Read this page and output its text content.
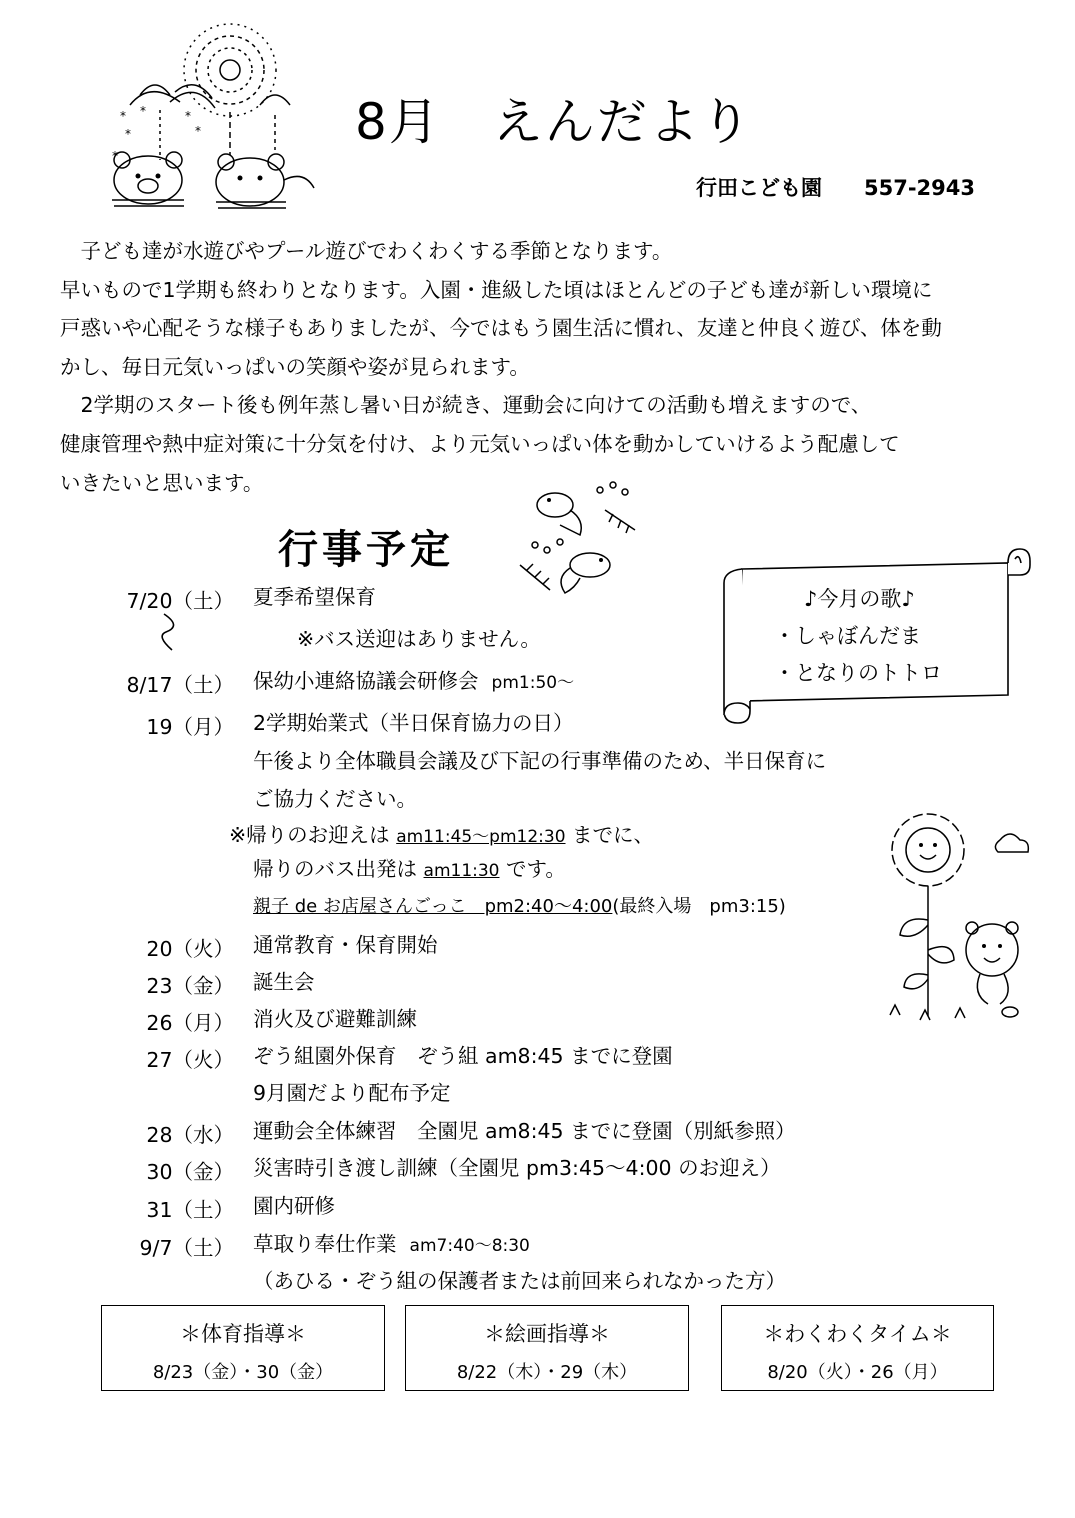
* *	*
*	*
*
8月　えんだより
行田こども園　　557-2943

　子ども達が水遊びやプール遊びでわくわくする季節となります。

早いもので1学期も終わりとなります。入園・進級した頃はほとんどの子ども達が新しい環境に

戸惑いや心配そうな様子もありましたが、今ではもう園生活に慣れ、友達と仲良く遊び、体を動

かし、毎日元気いっぱいの笑顔や姿が見られます。

　2学期のスタート後も例年蒸し暑い日が続き、運動会に向けての活動も増えますので、

健康管理や熱中症対策に十分気を付け、より元気いっぱい体を動かしていけるよう配慮して

いきたいと思います。

行事予定
7/20（土） 夏季希望保育
※バス送迎はありません。
8/17（土） 保幼小連絡協議会研修会 pm1:50～
19（月） 2学期始業式（半日保育協力の日）
午後より全体職員会議及び下記の行事準備のため、半日保育に
ご協力ください。
※帰りのお迎えは am11:45～pm12:30 までに、
帰りのバス出発は am11:30 です。
親子 de お店屋さんごっこ　pm2:40～4:00(最終入場　pm3:15)
20（火） 通常教育・保育開始
23（金） 誕生会
26（月） 消火及び避難訓練
27（火） ぞう組園外保育　ぞう組 am8:45 までに登園
9月園だより配布予定
28（水） 運動会全体練習　全園児 am8:45 までに登園（別紙参照）
30（金） 災害時引き渡し訓練（全園児 pm3:45～4:00 のお迎え）
31（土） 園内研修
9/7（土） 草取り奉仕作業 am7:40～8:30
（あひる・ぞう組の保護者または前回来られなかった方）
♪今月の歌♪
・しゃぼんだま
・となりのトトロ
＊体育指導＊
8/23（金）・30（金）
＊絵画指導＊
8/22（木）・29（木）
＊わくわくタイム＊
8/20（火）・26（月）
